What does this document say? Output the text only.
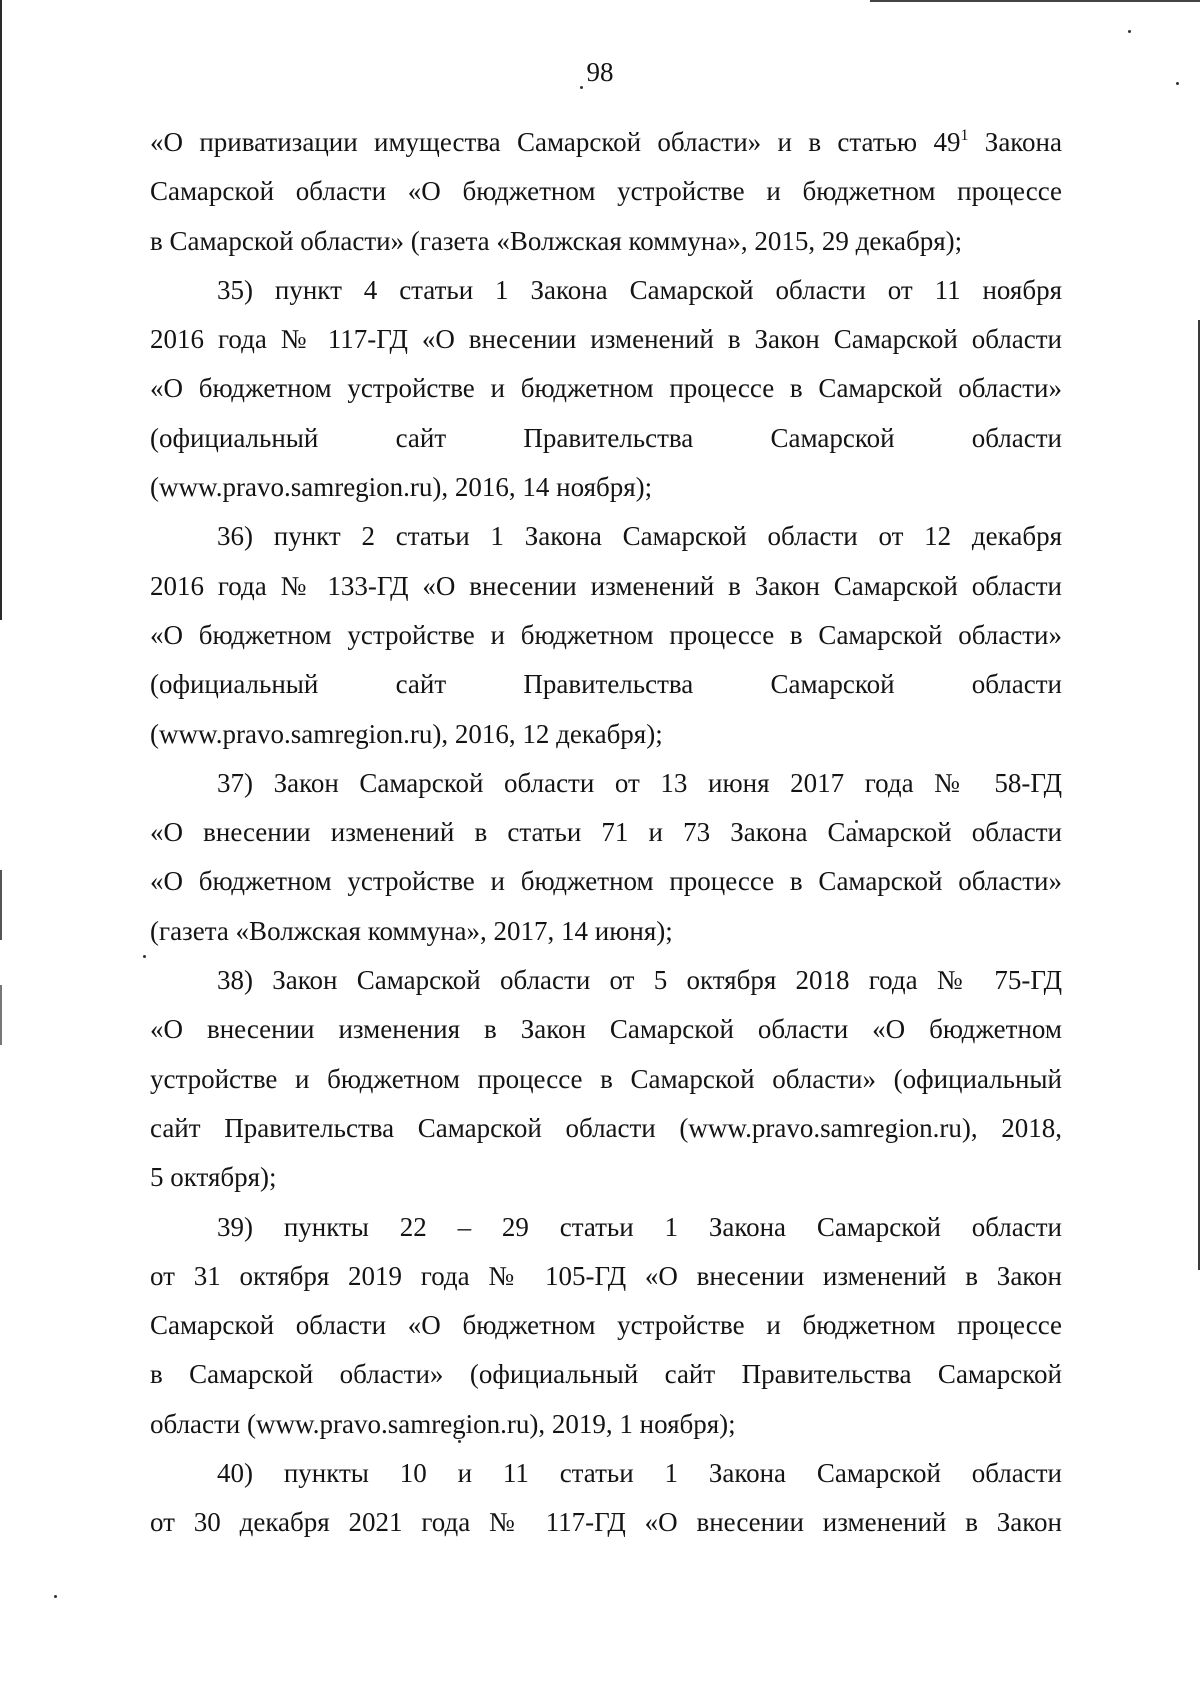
98
«О приватизации имущества Самарской области» и в статью $49^1$ Закона
Самарской области «О бюджетном устройстве и бюджетном процессе
в Самарской области» (газета «Волжская коммуна», 2015, 29 декабря);
35) пункт 4 статьи 1 Закона Самарской области от 11 ноября
2016 года № 117-ГД «О внесении изменений в Закон Самарской области
«О бюджетном устройстве и бюджетном процессе в Самарской области»
(официальный сайт Правительства Самарской области
(www.pravo.samregion.ru), 2016, 14 ноября);
36) пункт 2 статьи 1 Закона Самарской области от 12 декабря
2016 года № 133-ГД «О внесении изменений в Закон Самарской области
«О бюджетном устройстве и бюджетном процессе в Самарской области»
(официальный сайт Правительства Самарской области
(www.pravo.samregion.ru), 2016, 12 декабря);
37) Закон Самарской области от 13 июня 2017 года № 58-ГД
«О внесении изменений в статьи 71 и 73 Закона Самарской области
«О бюджетном устройстве и бюджетном процессе в Самарской области»
(газета «Волжская коммуна», 2017, 14 июня);
38) Закон Самарской области от 5 октября 2018 года № 75-ГД
«О внесении изменения в Закон Самарской области «О бюджетном
устройстве и бюджетном процессе в Самарской области» (официальный
сайт Правительства Самарской области (www.pravo.samregion.ru), 2018,
5 октября);
39) пункты 22 – 29 статьи 1 Закона Самарской области
от 31 октября 2019 года № 105-ГД «О внесении изменений в Закон
Самарской области «О бюджетном устройстве и бюджетном процессе
в Самарской области» (официальный сайт Правительства Самарской
области (www.pravo.samregion.ru), 2019, 1 ноября);
40) пункты 10 и 11 статьи 1 Закона Самарской области
от 30 декабря 2021 года № 117-ГД «О внесении изменений в Закон
